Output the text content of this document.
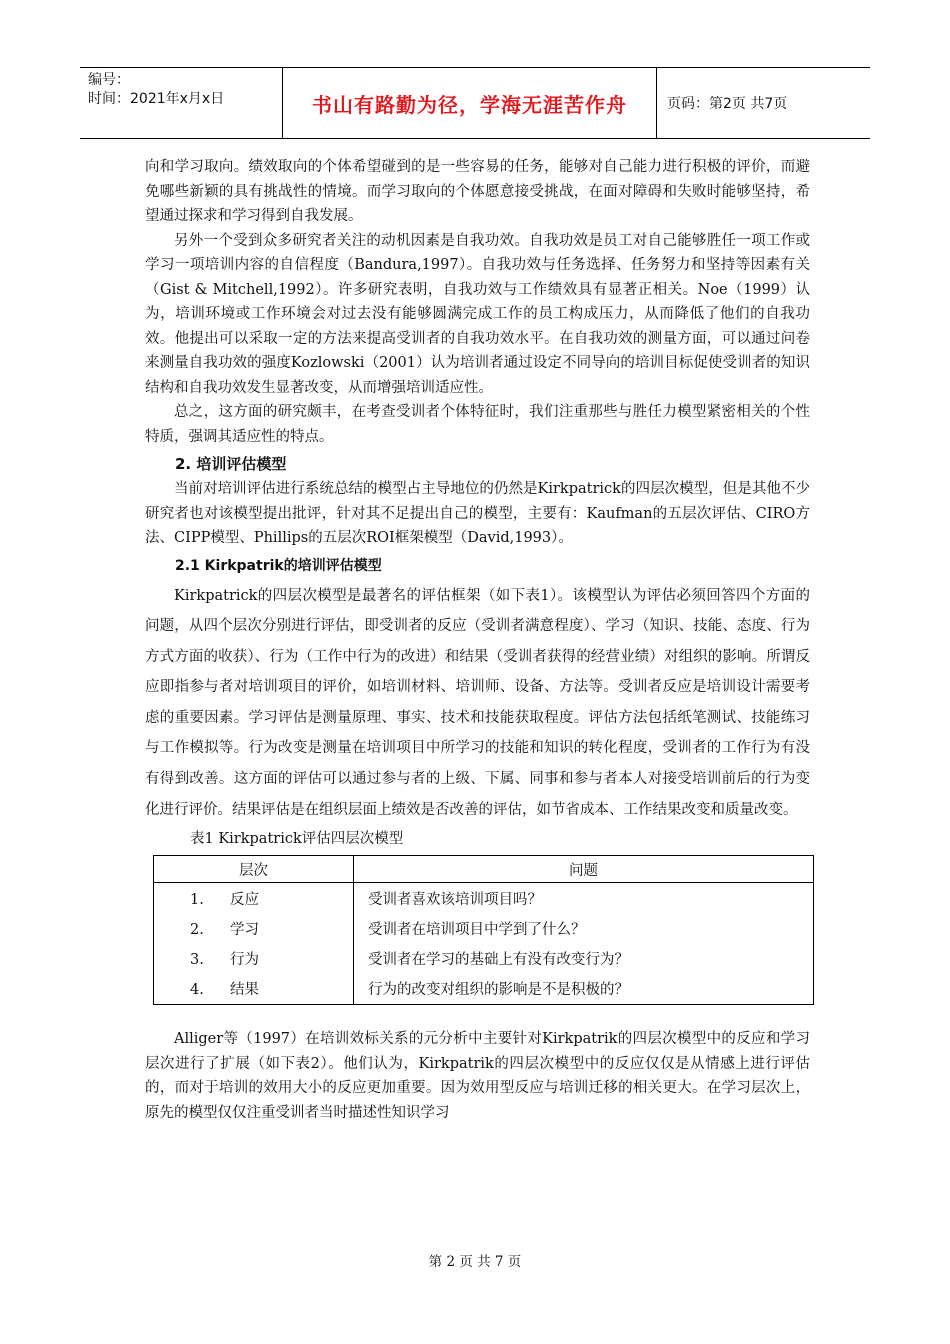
编号：
时间：2021年x月x日	书山有路勤为径，学海无涯苦作舟	页码：第2页 共7页

向和学习取向。绩效取向的个体希望碰到的是一些容易的任务，能够对自己能力进行积极的评价，而避免哪些新颖的具有挑战性的情境。而学习取向的个体愿意接受挑战，在面对障碍和失败时能够坚持，希望通过探求和学习得到自我发展。

另外一个受到众多研究者关注的动机因素是自我功效。自我功效是员工对自己能够胜任一项工作或学习一项培训内容的自信程度（Bandura,1997）。自我功效与任务选择、任务努力和坚持等因素有关（Gist & Mitchell,1992）。许多研究表明，自我功效与工作绩效具有显著正相关。Noe（1999）认为，培训环境或工作环境会对过去没有能够圆满完成工作的员工构成压力，从而降低了他们的自我功效。他提出可以采取一定的方法来提高受训者的自我功效水平。在自我功效的测量方面，可以通过问卷来测量自我功效的强度Kozlowski（2001）认为培训者通过设定不同导向的培训目标促使受训者的知识结构和自我功效发生显著改变，从而增强培训适应性。

总之，这方面的研究颇丰，在考查受训者个体特征时，我们注重那些与胜任力模型紧密相关的个性特质，强调其适应性的特点。

2. 培训评估模型

当前对培训评估进行系统总结的模型占主导地位的仍然是Kirkpatrick的四层次模型，但是其他不少研究者也对该模型提出批评，针对其不足提出自己的模型，主要有：Kaufman的五层次评估、CIRO方法、CIPP模型、Phillips的五层次ROI框架模型（David,1993）。

2.1 Kirkpatrik的培训评估模型

Kirkpatrick的四层次模型是最著名的评估框架（如下表1）。该模型认为评估必须回答四个方面的问题，从四个层次分别进行评估，即受训者的反应（受训者满意程度）、学习（知识、技能、态度、行为方式方面的收获）、行为（工作中行为的改进）和结果（受训者获得的经营业绩）对组织的影响。所谓反应即指参与者对培训项目的评价，如培训材料、培训师、设备、方法等。受训者反应是培训设计需要考虑的重要因素。学习评估是测量原理、事实、技术和技能获取程度。评估方法包括纸笔测试、技能练习与工作模拟等。行为改变是测量在培训项目中所学习的技能和知识的转化程度，受训者的工作行为有没有得到改善。这方面的评估可以通过参与者的上级、下属、同事和参与者本人对接受培训前后的行为变化进行评价。结果评估是在组织层面上绩效是否改善的评估，如节省成本、工作结果改变和质量改变。

表1 Kirkpatrick评估四层次模型
层次	问题
1. 反应	受训者喜欢该培训项目吗？
2. 学习	受训者在培训项目中学到了什么？
3. 行为	受训者在学习的基础上有没有改变行为？
4. 结果	行为的改变对组织的影响是不是积极的？

Alliger等（1997）在培训效标关系的元分析中主要针对Kirkpatrik的四层次模型中的反应和学习层次进行了扩展（如下表2）。他们认为，Kirkpatrik的四层次模型中的反应仅仅是从情感上进行评估的，而对于培训的效用大小的反应更加重要。因为效用型反应与培训迁移的相关更大。在学习层次上，原先的模型仅仅注重受训者当时描述性知识学习

第 2 页 共 7 页
